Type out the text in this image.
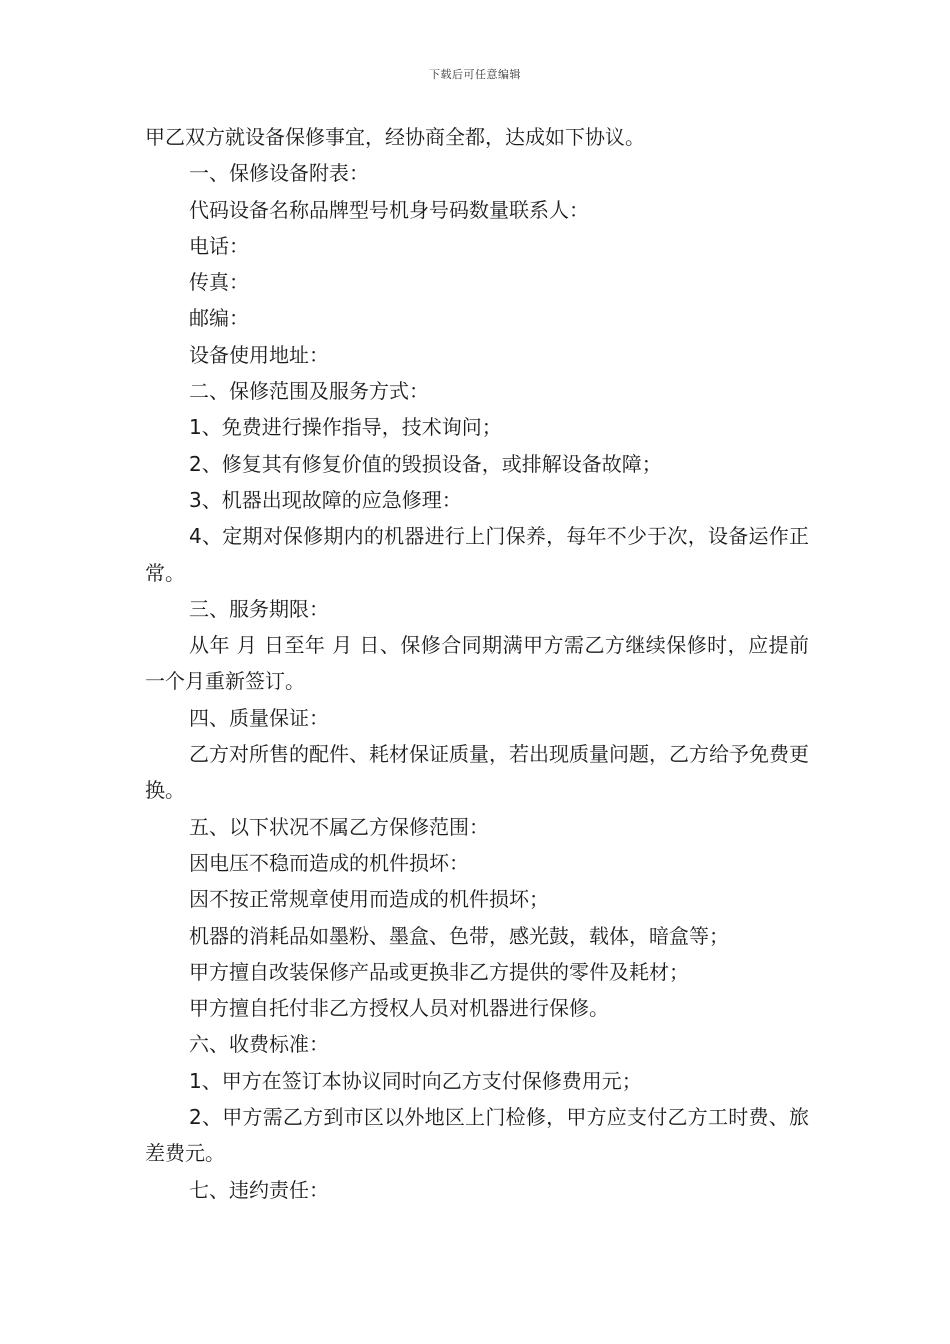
下载后可任意编辑

甲乙双方就设备保修事宜，经协商全都，达成如下协议。

一、保修设备附表：

代码设备名称品牌型号机身号码数量联系人：

电话：

传真：

邮编：

设备使用地址：

二、保修范围及服务方式：

1、免费进行操作指导，技术询问；

2、修复其有修复价值的毁损设备，或排解设备故障；

3、机器出现故障的应急修理：

4、定期对保修期内的机器进行上门保养，每年不少于次，设备运作正常。

三、服务期限：

从年 月 日至年 月 日、保修合同期满甲方需乙方继续保修时，应提前一个月重新签订。

四、质量保证：

乙方对所售的配件、耗材保证质量，若出现质量问题，乙方给予免费更换。

五、以下状况不属乙方保修范围：

因电压不稳而造成的机件损坏：

因不按正常规章使用而造成的机件损坏；

机器的消耗品如墨粉、墨盒、色带，感光鼓，载体，暗盒等；

甲方擅自改装保修产品或更换非乙方提供的零件及耗材；

甲方擅自托付非乙方授权人员对机器进行保修。

六、收费标准：

1、甲方在签订本协议同时向乙方支付保修费用元；

2、甲方需乙方到市区以外地区上门检修，甲方应支付乙方工时费、旅差费元。

七、违约责任：
